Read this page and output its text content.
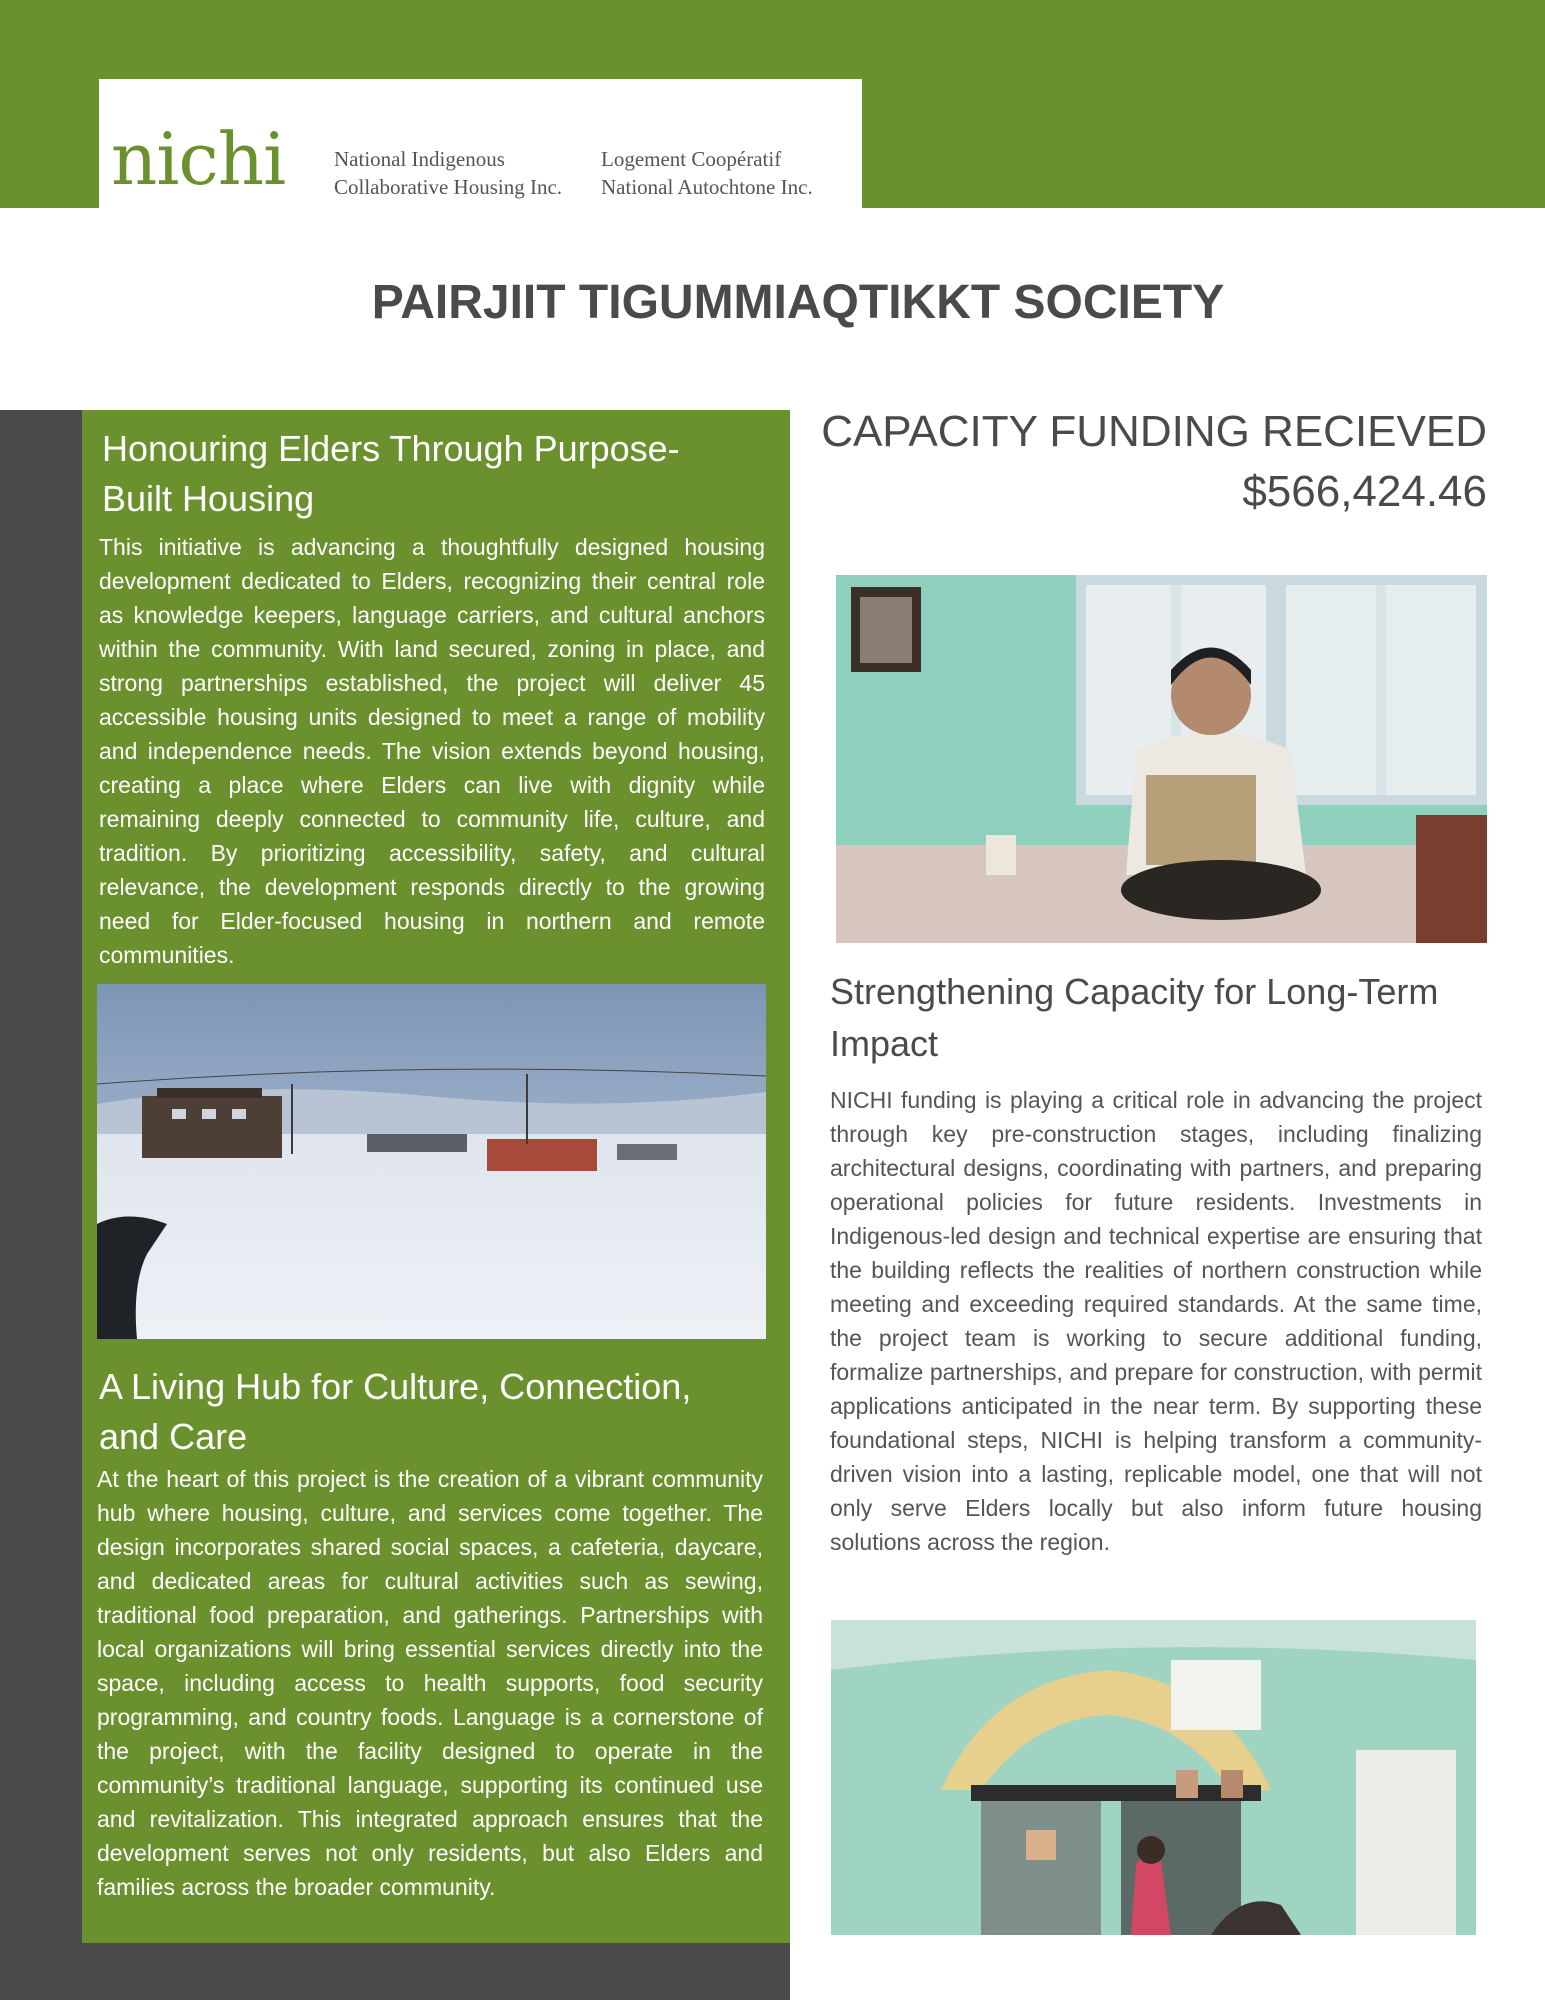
nichi National Indigenous
Collaborative Housing Inc.
Logement Coopératif
National Autochtone Inc.
PAIRJIIT TIGUMMIAQTIKKT SOCIETY
Honouring Elders Through Purpose-Built Housing

This initiative is advancing a thoughtfully designed housing development dedicated to Elders, recognizing their central role as knowledge keepers, language carriers, and cultural anchors within the community. With land secured, zoning in place, and strong partnerships established, the project will deliver 45 accessible housing units designed to meet a range of mobility and independence needs. The vision extends beyond housing, creating a place where Elders can live with dignity while remaining deeply connected to community life, culture, and tradition. By prioritizing accessibility, safety, and cultural relevance, the development responds directly to the growing need for Elder-focused housing in northern and remote communities.

A Living Hub for Culture, Connection, and Care

At the heart of this project is the creation of a vibrant community hub where housing, culture, and services come together. The design incorporates shared social spaces, a cafeteria, daycare, and dedicated areas for cultural activities such as sewing, traditional food preparation, and gatherings. Partnerships with local organizations will bring essential services directly into the space, including access to health supports, food security programming, and country foods. Language is a cornerstone of the project, with the facility designed to operate in the community’s traditional language, supporting its continued use and revitalization. This integrated approach ensures that the development serves not only residents, but also Elders and families across the broader community.

CAPACITY FUNDING RECIEVED
$566,424.46
Strengthening Capacity for Long-Term Impact

NICHI funding is playing a critical role in advancing the project through key pre-construction stages, including finalizing architectural designs, coordinating with partners, and preparing operational policies for future residents. Investments in Indigenous-led design and technical expertise are ensuring that the building reflects the realities of northern construction while meeting and exceeding required standards. At the same time, the project team is working to secure additional funding, formalize partnerships, and prepare for construction, with permit applications anticipated in the near term. By supporting these foundational steps, NICHI is helping transform a community-driven vision into a lasting, replicable model, one that will not only serve Elders locally but also inform future housing solutions across the region.
